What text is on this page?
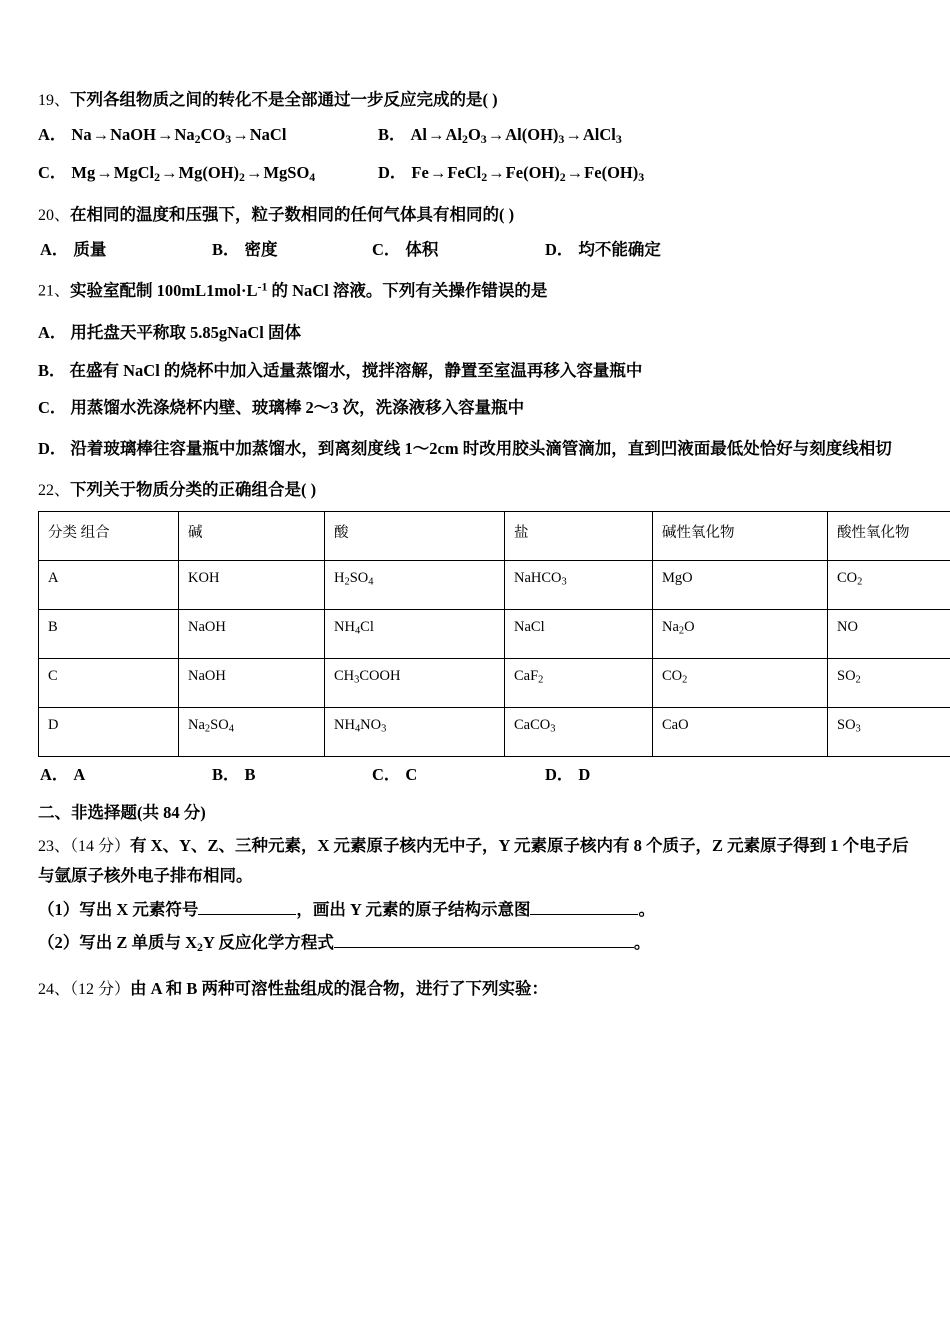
19、下列各组物质之间的转化不是全部通过一步反应完成的是( )
A． $Na\to NaOH\to Na_2CO_3\to NaCl$	B． $Al\to Al_2O_3\to Al(OH)_3\to AlCl_3$
C． $Mg\to MgCl_2\to Mg(OH)_2\to MgSO_4$	D． $Fe\to FeCl_2\to Fe(OH)_2\to Fe(OH)_3$
20、在相同的温度和压强下，粒子数相同的任何气体具有相同的( )
A． 质量	B． 密度	C． 体积	D． 均不能确定
21、实验室配制 $100mL1mol\cdot L^{-1}$ 的 NaCl 溶液。下列有关操作错误的是
A． 用托盘天平称取 5.85gNaCl 固体
B． 在盛有 NaCl 的烧杯中加入适量蒸馏水，搅拌溶解，静置至室温再移入容量瓶中
C． 用蒸馏水洗涤烧杯内壁、玻璃棒 2～3 次，洗涤液移入容量瓶中
D． 沿着玻璃棒往容量瓶中加蒸馏水，到离刻度线 1～2cm 时改用胶头滴管滴加，直到凹液面最低处恰好与刻度线相切
22、下列关于物质分类的正确组合是( )
分类 组合	碱	酸	盐	碱性氧化物	酸性氧化物
A	KOH	$H_2SO_4$	NaHCO$_3$	MgO	$CO_2$
B	NaOH	$NH_4Cl$	NaCl	$Na_2O$	NO
C	NaOH	$CH_3COOH$	CaF$_2$	$CO_2$	$SO_2$
D	$Na_2SO_4$	$NH_4NO_3$	CaCO$_3$	CaO	$SO_3$
A． A	B． B	C． C	D． D
二、非选择题(共 84 分)
23、（14 分）有 X、Y、Z、三种元素，X 元素原子核内无中子，Y 元素原子核内有 8 个质子，Z 元素原子得到 1 个电子后与氩原子核外电子排布相同。
（1）写出 X 元素符号	，画出 Y 元素的原子结构示意图	。
（2）写出 Z 单质与 $X_2Y$ 反应化学方程式	。
24、（12 分）由 A 和 B 两种可溶性盐组成的混合物，进行了下列实验：
